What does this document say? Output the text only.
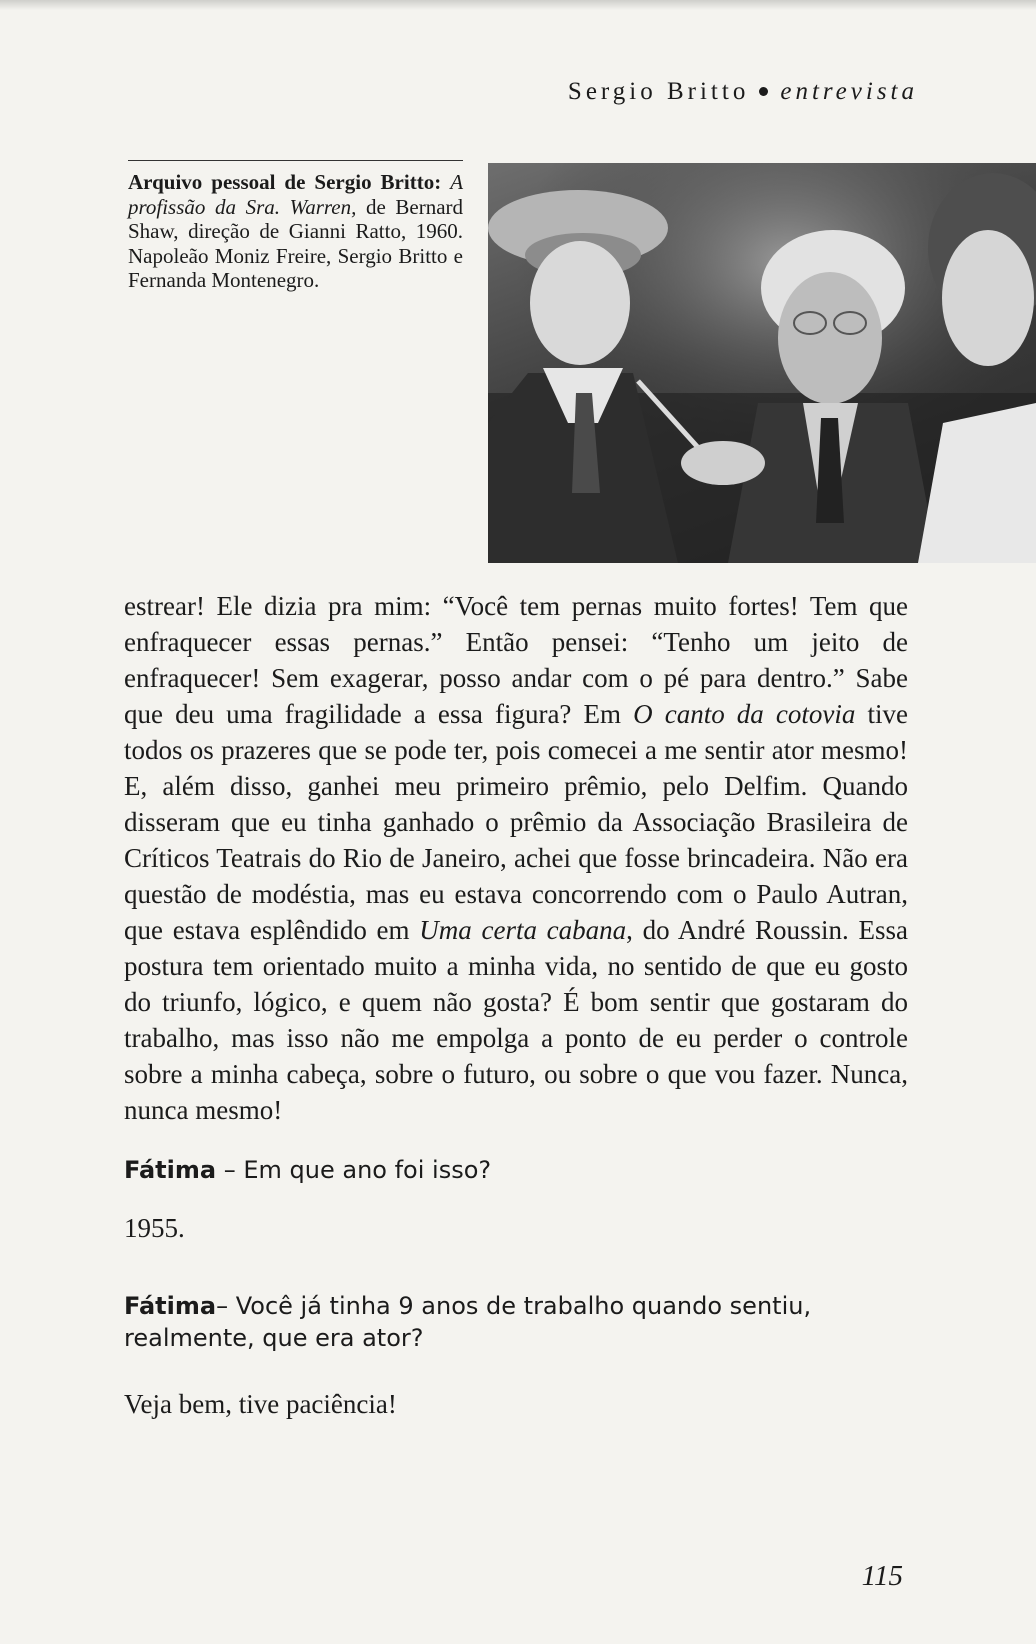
Sergio Britto entrevista
Arquivo pessoal de Sergio Britto: A profissão da Sra. Warren, de Bernard Shaw, direção de Gianni Ratto, 1960. Napoleão Moniz Freire, Sergio Britto e Fernanda Montenegro.

estrear! Ele dizia pra mim: “Você tem pernas muito fortes! Tem que enfraquecer essas pernas.” Então pensei: “Tenho um jeito de enfraquecer! Sem exagerar, posso andar com o pé para dentro.” Sabe que deu uma fragilidade a essa figura? Em O canto da cotovia tive todos os prazeres que se pode ter, pois comecei a me sentir ator mesmo! E, além disso, ganhei meu primeiro prêmio, pelo Delfim. Quando disseram que eu tinha ganhado o prêmio da Associação Brasileira de Críticos Teatrais do Rio de Janeiro, achei que fosse brincadeira. Não era questão de modéstia, mas eu estava concorrendo com o Paulo Autran, que estava esplêndido em Uma certa cabana, do André Roussin. Essa postura tem orientado muito a minha vida, no sentido de que eu gosto do triunfo, lógico, e quem não gosta? É bom sentir que gostaram do trabalho, mas isso não me empolga a ponto de eu perder o controle sobre a minha cabeça, sobre o futuro, ou sobre o que vou fazer. Nunca, nunca mesmo!

Fátima – Em que ano foi isso?
1955.
Fátima– Você já tinha 9 anos de trabalho quando sentiu, realmente, que era ator?
Veja bem, tive paciência!
115
